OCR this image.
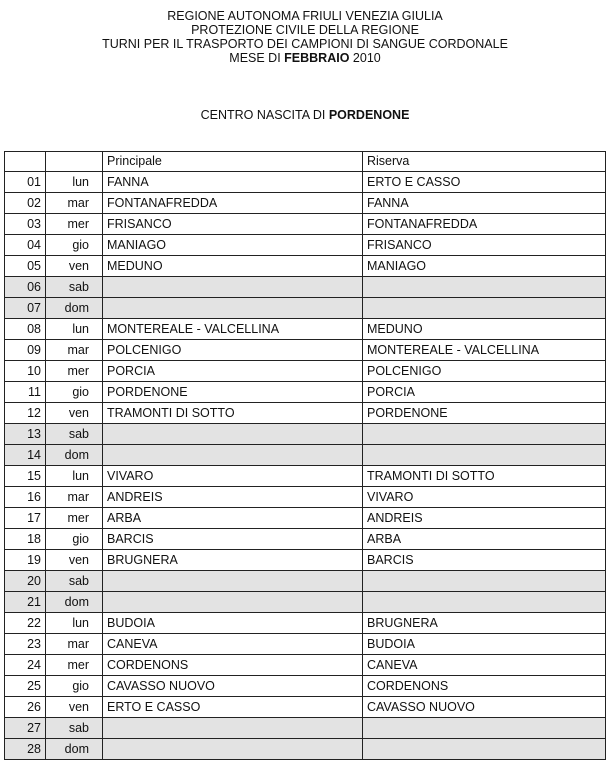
REGIONE AUTONOMA FRIULI VENEZIA GIULIA
PROTEZIONE CIVILE DELLA REGIONE
TURNI PER IL TRASPORTO DEI CAMPIONI DI SANGUE CORDONALE
MESE DI FEBBRAIO 2010
CENTRO NASCITA DI PORDENONE
		Principale	Riserva
01	lun	FANNA	ERTO E CASSO
02	mar	FONTANAFREDDA	FANNA
03	mer	FRISANCO	FONTANAFREDDA
04	gio	MANIAGO	FRISANCO
05	ven	MEDUNO	MANIAGO
06	sab		
07	dom		
08	lun	MONTEREALE - VALCELLINA	MEDUNO
09	mar	POLCENIGO	MONTEREALE - VALCELLINA
10	mer	PORCIA	POLCENIGO
11	gio	PORDENONE	PORCIA
12	ven	TRAMONTI DI SOTTO	PORDENONE
13	sab		
14	dom		
15	lun	VIVARO	TRAMONTI DI SOTTO
16	mar	ANDREIS	VIVARO
17	mer	ARBA	ANDREIS
18	gio	BARCIS	ARBA
19	ven	BRUGNERA	BARCIS
20	sab		
21	dom		
22	lun	BUDOIA	BRUGNERA
23	mar	CANEVA	BUDOIA
24	mer	CORDENONS	CANEVA
25	gio	CAVASSO NUOVO	CORDENONS
26	ven	ERTO E CASSO	CAVASSO NUOVO
27	sab		
28	dom		
